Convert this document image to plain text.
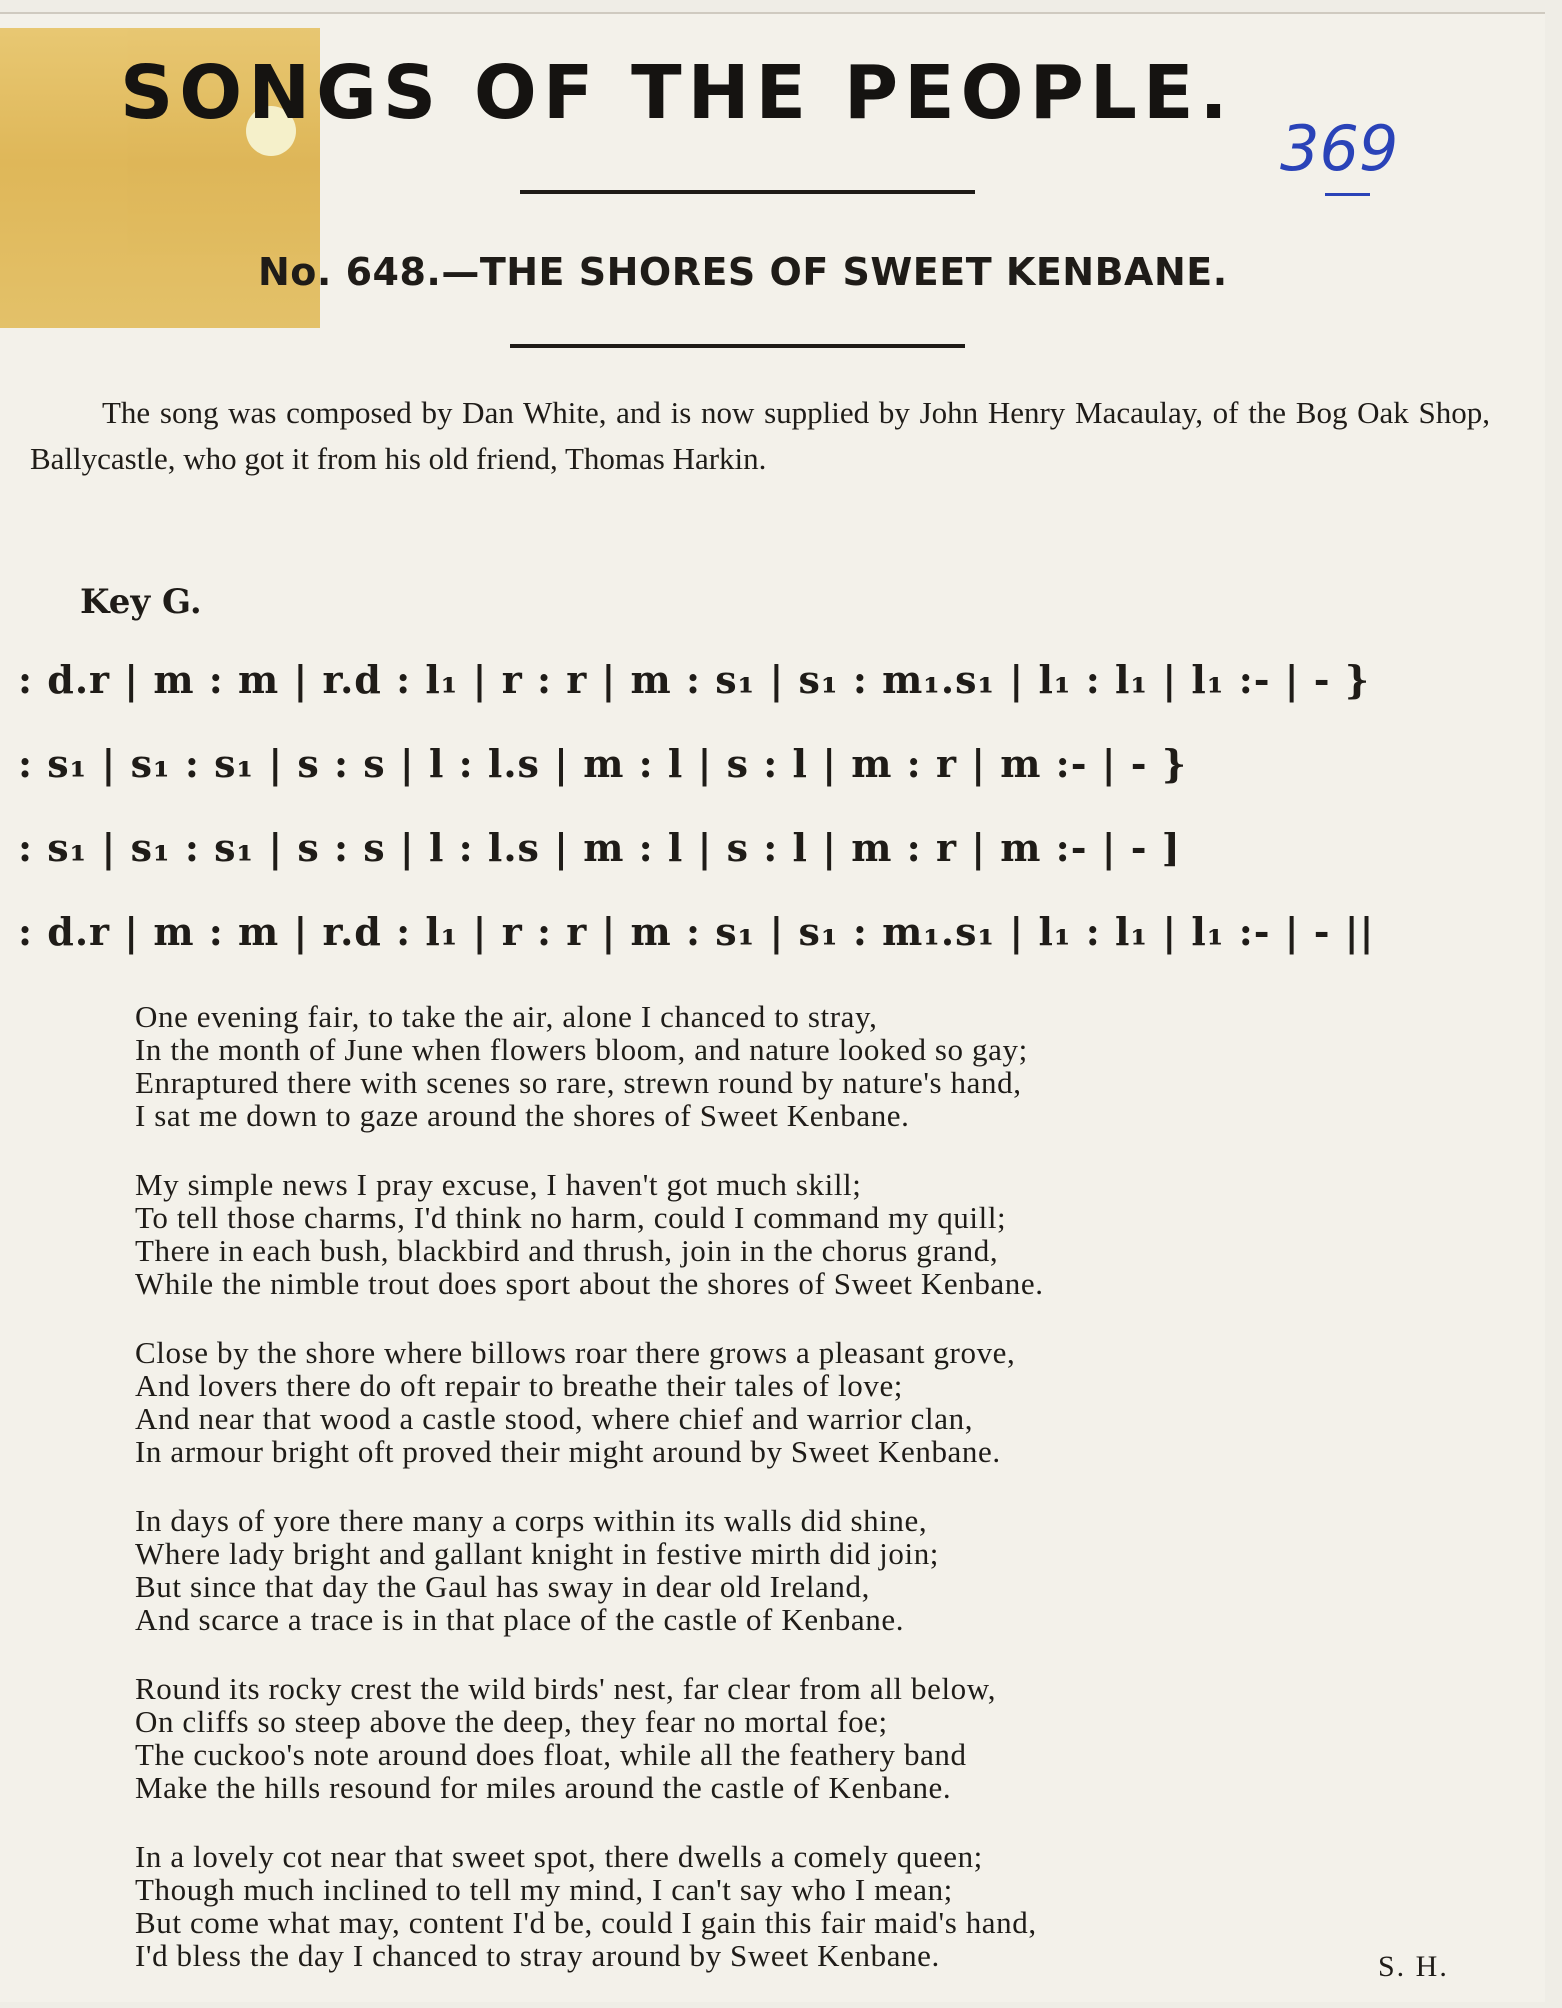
SONGS OF THE PEOPLE.
369
No. 648.—THE SHORES OF SWEET KENBANE.
The song was composed by Dan White, and is now supplied by John Henry Macaulay, of the Bog Oak Shop, Ballycastle, who got it from his old friend, Thomas Harkin.
Key G.
: d.r | m : m | r.d : l₁ | r : r | m : s₁ | s₁ : m₁.s₁ | l₁ : l₁ | l₁ :- | - }
: s₁ | s₁ : s₁ | s : s | l : l.s | m : l | s : l | m : r | m :- | - }
: s₁ | s₁ : s₁ | s : s | l : l.s | m : l | s : l | m : r | m :- | - ]
: d.r | m : m | r.d : l₁ | r : r | m : s₁ | s₁ : m₁.s₁ | l₁ : l₁ | l₁ :- | - ||
One evening fair, to take the air, alone I chanced to stray,
In the month of June when flowers bloom, and nature looked so gay;
Enraptured there with scenes so rare, strewn round by nature's hand,
I sat me down to gaze around the shores of Sweet Kenbane.
My simple news I pray excuse, I haven't got much skill;
To tell those charms, I'd think no harm, could I command my quill;
There in each bush, blackbird and thrush, join in the chorus grand,
While the nimble trout does sport about the shores of Sweet Kenbane.
Close by the shore where billows roar there grows a pleasant grove,
And lovers there do oft repair to breathe their tales of love;
And near that wood a castle stood, where chief and warrior clan,
In armour bright oft proved their might around by Sweet Kenbane.
In days of yore there many a corps within its walls did shine,
Where lady bright and gallant knight in festive mirth did join;
But since that day the Gaul has sway in dear old Ireland,
And scarce a trace is in that place of the castle of Kenbane.
Round its rocky crest the wild birds' nest, far clear from all below,
On cliffs so steep above the deep, they fear no mortal foe;
The cuckoo's note around does float, while all the feathery band
Make the hills resound for miles around the castle of Kenbane.
In a lovely cot near that sweet spot, there dwells a comely queen;
Though much inclined to tell my mind, I can't say who I mean;
But come what may, content I'd be, could I gain this fair maid's hand,
I'd bless the day I chanced to stray around by Sweet Kenbane.	S. H.
